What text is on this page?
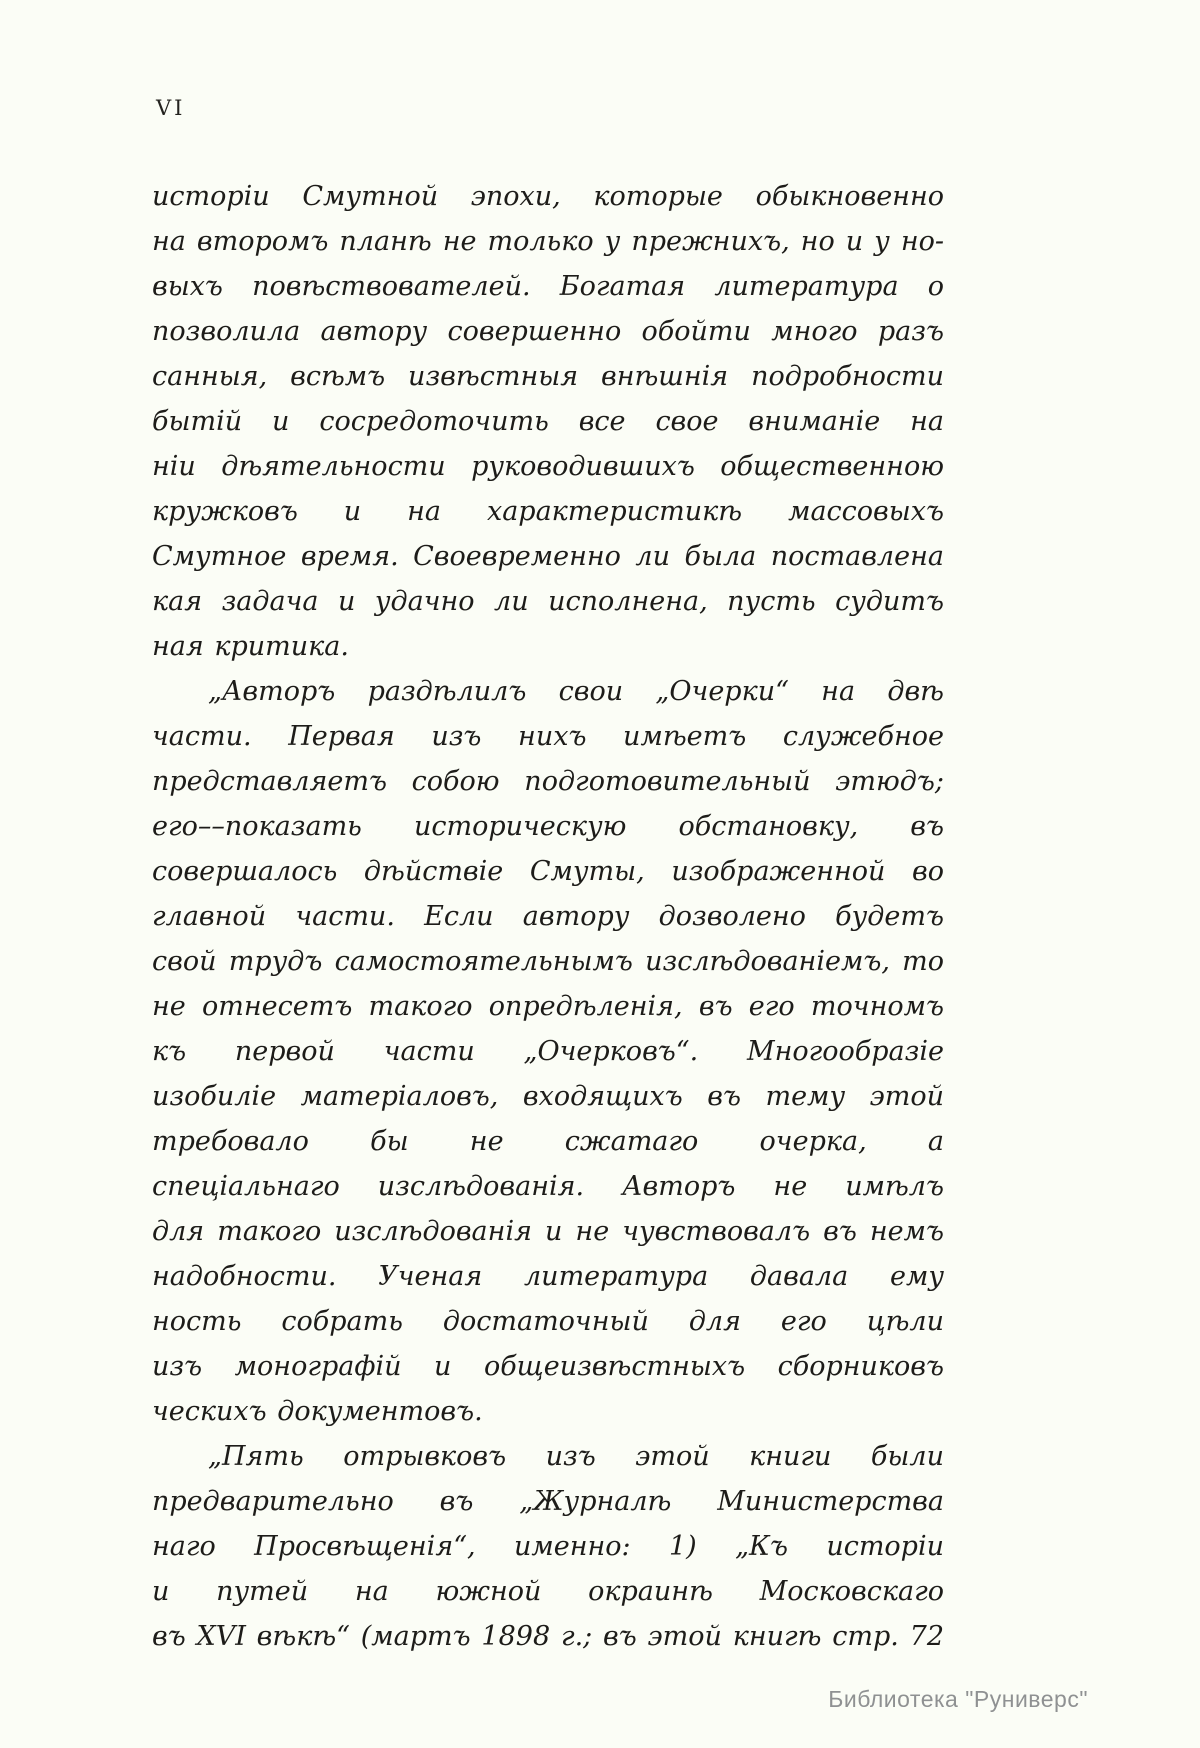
VI
исторіи Смутной эпохи, которые обыкновенно
на второмъ планѣ не только у прежнихъ, но и у но-
выхъ повѣствователей. Богатая литература о
позволила автору совершенно обойти много разъ
санныя, всѣмъ извѣстныя внѣшнія подробности
бытій и сосредоточить все свое вниманіе на
ніи дѣятельности руководившихъ общественною
кружковъ и на характеристикѣ массовыхъ
Смутное время. Своевременно ли была поставлена
кая задача и удачно ли исполнена, пусть судитъ
ная критика.
„Авторъ раздѣлилъ свои „Очерки“ на двѣ
части. Первая изъ нихъ имѣетъ служебное
представляетъ собою подготовительный этюдъ;
его––показать историческую обстановку, въ
совершалось дѣйствіе Смуты, изображенной во
главной части. Если автору дозволено будетъ
свой трудъ самостоятельнымъ изслѣдованіемъ, то
не отнесетъ такого опредѣленія, въ его точномъ
къ первой части „Очерковъ“. Многообразіе
изобиліе матеріаловъ, входящихъ въ тему этой
требовало бы не сжатаго очерка, а
спеціальнаго изслѣдованія. Авторъ не имѣлъ
для такого изслѣдованія и не чувствовалъ въ немъ
надобности. Ученая литература давала ему
ность собрать достаточный для его цѣли
изъ монографій и общеизвѣстныхъ сборниковъ
ческихъ документовъ.
„Пять отрывковъ изъ этой книги были
предварительно въ „Журналѣ Министерства
наго Просвѣщенія“, именно: 1) „Къ исторіи
и путей на южной окраинѣ Московскаго
въ XVI вѣкѣ“ (мартъ 1898 г.; въ этой книгѣ стр. 72
Библиотека "Руниверс"
